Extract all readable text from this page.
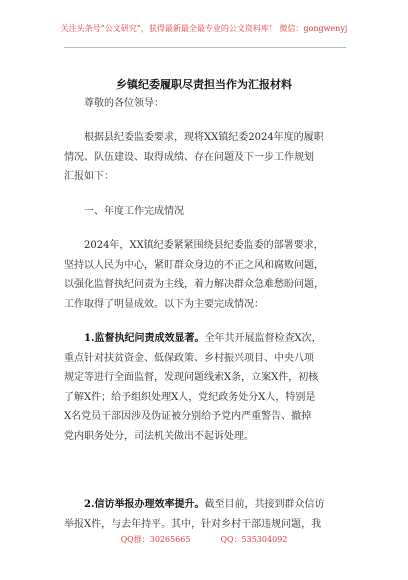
关注头条号“公文研究”，获得最新最全最专业的公文资料库！ 微信：gongwenyj
乡镇纪委履职尽责担当作为汇报材料
尊敬的各位领导：
根据县纪委监委要求，现将XX镇纪委2024年度的履职
情况、队伍建设、取得成绩、存在问题及下一步工作规划
汇报如下：
一、年度工作完成情况
2024年，XX镇纪委紧紧围绕县纪委监委的部署要求，
坚持以人民为中心，紧盯群众身边的不正之风和腐败问题，
以强化监督执纪问责为主线，着力解决群众急难愁盼问题，
工作取得了明显成效。以下为主要完成情况：
1.监督执纪问责成效显著。全年共开展监督检查X次，
重点针对扶贫资金、低保政策、乡村振兴项目、中央八项
规定等进行全面监督，发现问题线索X条，立案X件，初核
了解X件；给予组织处理X人，党纪政务处分X人，特别是
X名党员干部因涉及伪证被分别给予党内严重警告、撤掉
党内职务处分，司法机关做出不起诉处理。
2.信访举报办理效率提升。截至目前，共接到群众信访
举报X件，与去年持平。其中，针对乡村干部违规问题，我
QQ群：30265665	QQ：535304092
